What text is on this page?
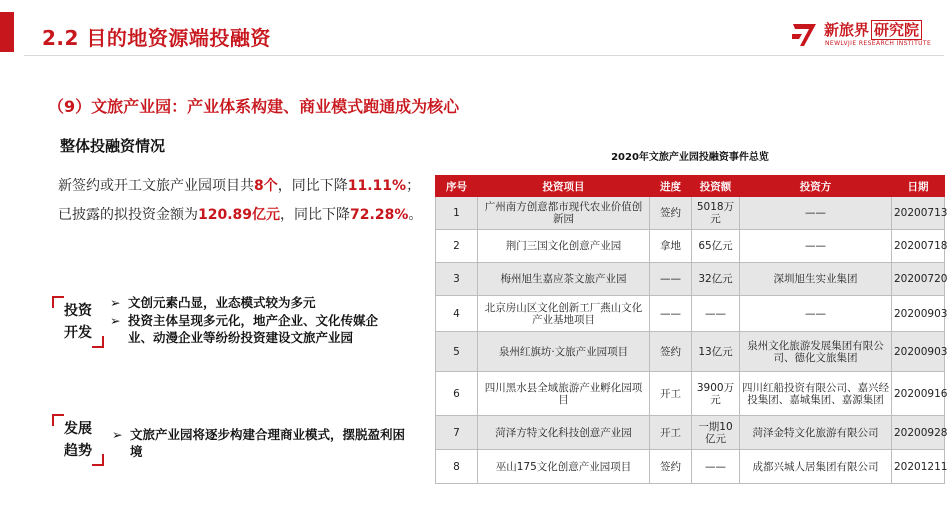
2.2 目的地资源端投融资	新旅界 研究院
NEWLVJIE RESEARCH INSTITUTE
（9）文旅产业园：产业体系构建、商业模式跑通成为核心
整体投融资情况
新签约或开工文旅产业园项目共8个，同比下降11.11%；已披露的拟投资金额为120.89亿元，同比下降72.28%。
投资
开发
➢ 文创元素凸显，业态模式较为多元
➢ 投资主体呈现多元化，地产企业、文化传媒企业、动漫企业等纷纷投资建设文旅产业园
发展
趋势
➢ 文旅产业园将逐步构建合理商业模式，摆脱盈利困境
2020年文旅产业园投融资事件总览
序号	投资项目	进度	投资额	投资方	日期
1	广州南方创意都市现代农业价值创新园	签约	5018万元	——	20200713
2	荆门三国文化创意产业园	拿地	65亿元	——	20200718
3	梅州旭生嘉应茶文旅产业园	——	32亿元	深圳旭生实业集团	20200720
4	北京房山区文化创新工厂燕山文化产业基地项目	——	——	——	20200903
5	泉州红旗坊·文旅产业园项目	签约	13亿元	泉州文化旅游发展集团有限公司、德化文旅集团	20200903
6	四川黑水县全域旅游产业孵化园项目	开工	3900万元	四川红船投资有限公司、嘉兴经投集团、嘉城集团、嘉源集团	20200916
7	菏泽方特文化科技创意产业园	开工	一期10亿元	菏泽金特文化旅游有限公司	20200928
8	巫山175文化创意产业园项目	签约	——	成都兴城人居集团有限公司	20201211
